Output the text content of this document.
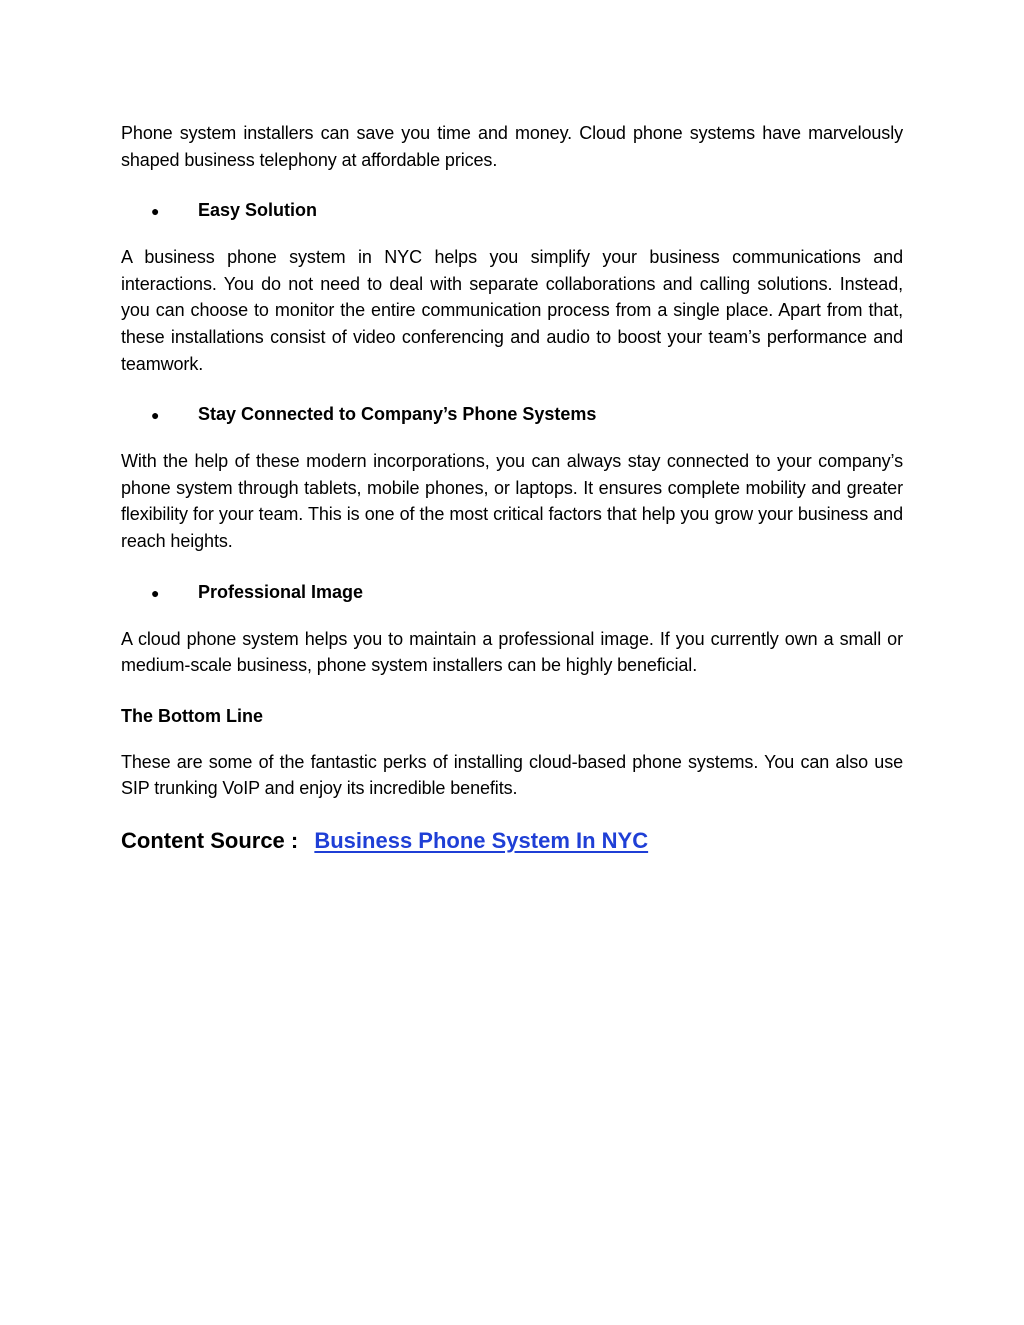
Phone system installers can save you time and money. Cloud phone systems have marvelously shaped business telephony at affordable prices.

●	Easy Solution

A business phone system in NYC helps you simplify your business communications and interactions. You do not need to deal with separate collaborations and calling solutions. Instead, you can choose to monitor the entire communication process from a single place. Apart from that, these installations consist of video conferencing and audio to boost your team’s performance and teamwork.

●	Stay Connected to Company’s Phone Systems

With the help of these modern incorporations, you can always stay connected to your company’s phone system through tablets, mobile phones, or laptops. It ensures complete mobility and greater flexibility for your team. This is one of the most critical factors that help you grow your business and reach heights.

●	Professional Image

A cloud phone system helps you to maintain a professional image. If you currently own a small or medium-scale business, phone system installers can be highly beneficial.

The Bottom Line

These are some of the fantastic perks of installing cloud-based phone systems. You can also use SIP trunking VoIP and enjoy its incredible benefits.

Content Source : Business Phone System In NYC
